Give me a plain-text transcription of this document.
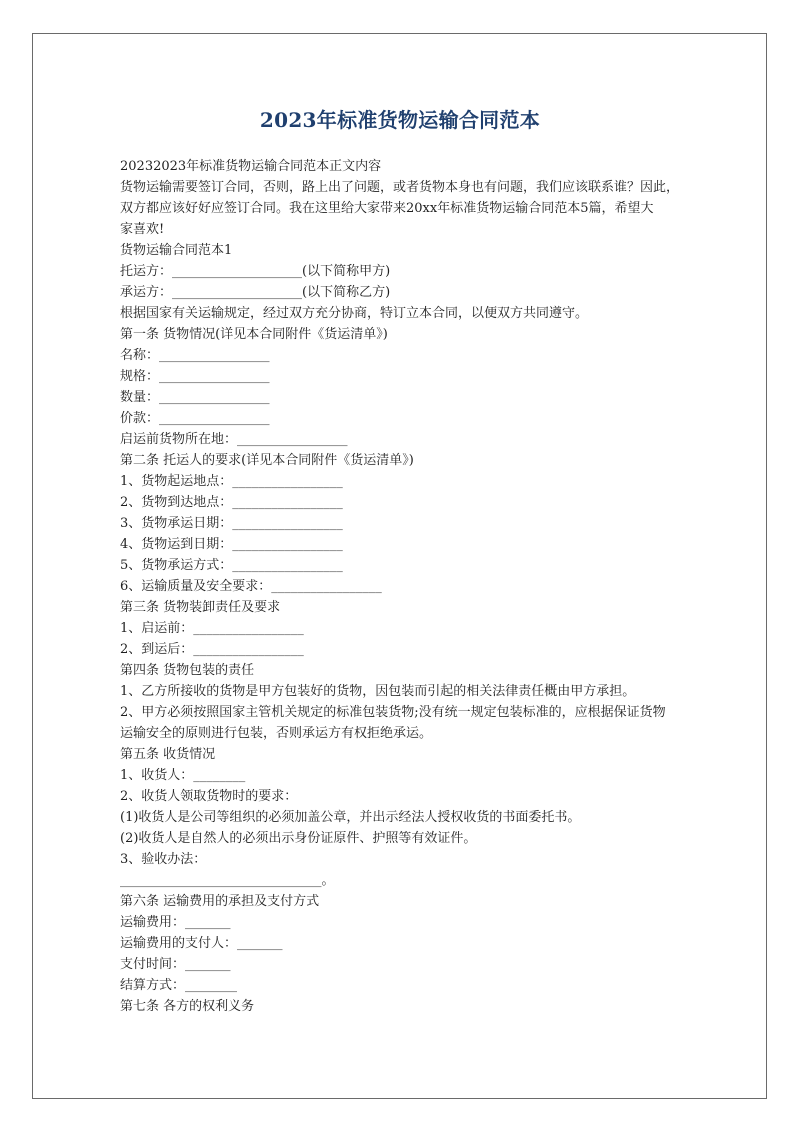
2023年标准货物运输合同范本
20232023年标准货物运输合同范本正文内容
货物运输需要签订合同，否则，路上出了问题，或者货物本身也有问题，我们应该联系谁？因此，
双方都应该好好应签订合同。我在这里给大家带来20xx年标准货物运输合同范本5篇，希望大
家喜欢!
货物运输合同范本1
托运方：____________________(以下简称甲方)
承运方：____________________(以下简称乙方)
根据国家有关运输规定，经过双方充分协商，特订立本合同，以便双方共同遵守。
第一条 货物情况(详见本合同附件《货运清单》)
名称：_________________
规格：_________________
数量：_________________
价款：_________________
启运前货物所在地：_________________
第二条 托运人的要求(详见本合同附件《货运清单》)
1、货物起运地点：_________________
2、货物到达地点：_________________
3、货物承运日期：_________________
4、货物运到日期：_________________
5、货物承运方式：_________________
6、运输质量及安全要求：_________________
第三条 货物装卸责任及要求
1、启运前：_________________
2、到运后：_________________
第四条 货物包装的责任
1、乙方所接收的货物是甲方包装好的货物，因包装而引起的相关法律责任概由甲方承担。
2、甲方必须按照国家主管机关规定的标准包装货物;没有统一规定包装标准的，应根据保证货物
运输安全的原则进行包装，否则承运方有权拒绝承运。
第五条 收货情况
1、收货人：________
2、收货人领取货物时的要求：
(1)收货人是公司等组织的必须加盖公章，并出示经法人授权收货的书面委托书。
(2)收货人是自然人的必须出示身份证原件、护照等有效证件。
3、验收办法：
_______________________________。
第六条 运输费用的承担及支付方式
运输费用：_______
运输费用的支付人：_______
支付时间：_______
结算方式：________
第七条 各方的权利义务
